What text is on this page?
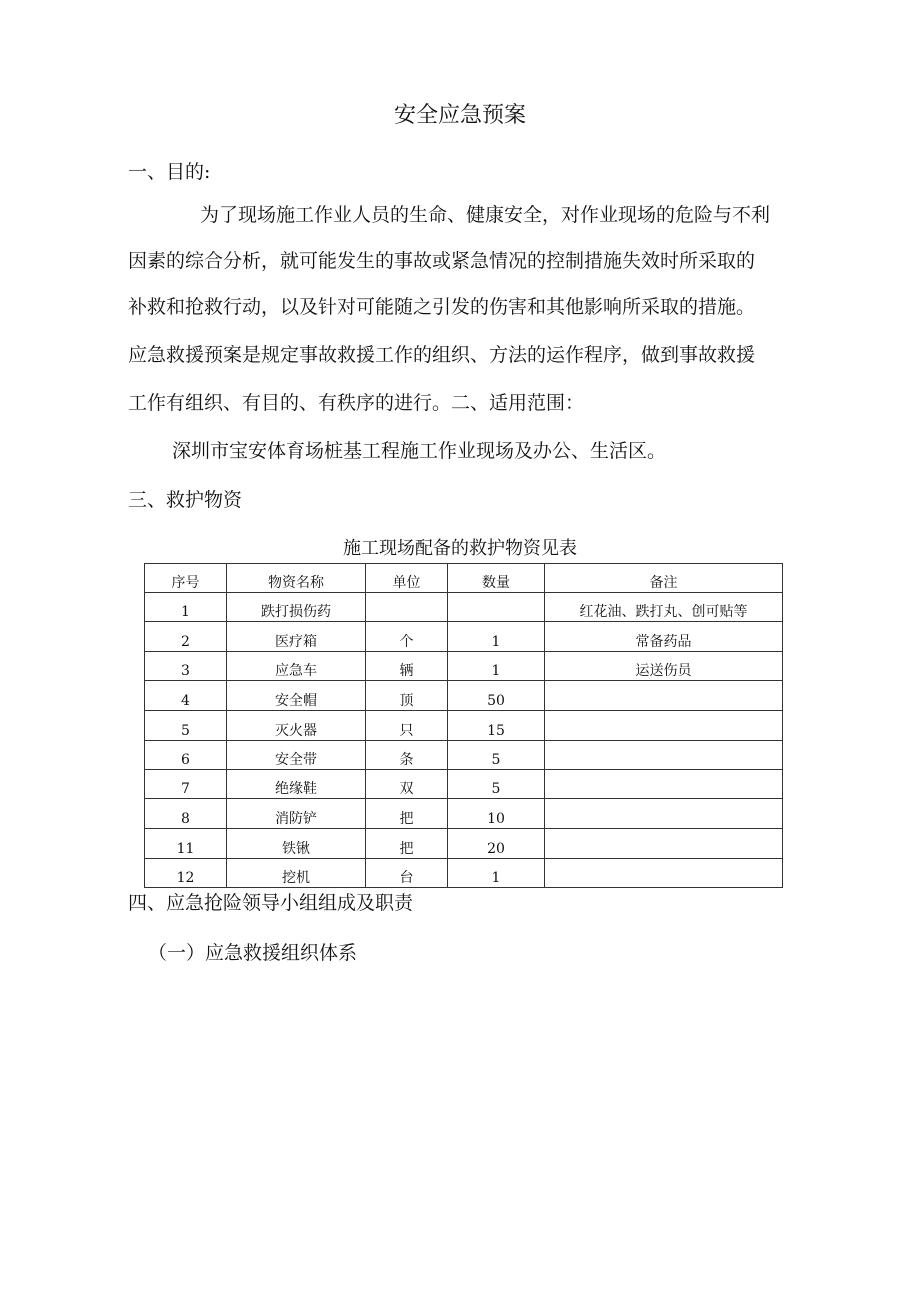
安全应急预案
一、目的:
为了现场施工作业人员的生命、健康安全，对作业现场的危险与不利
因素的综合分析，就可能发生的事故或紧急情况的控制措施失效时所采取的
补救和抢救行动，以及针对可能随之引发的伤害和其他影响所采取的措施。
应急救援预案是规定事故救援工作的组织、方法的运作程序，做到事故救援
工作有组织、有目的、有秩序的进行。二、适用范围：
深圳市宝安体育场桩基工程施工作业现场及办公、生活区。
三、救护物资
施工现场配备的救护物资见表
序号	物资名称	单位	数量	备注
1	跌打损伤药			红花油、跌打丸、创可贴等
2	医疗箱	个	1	常备药品
3	应急车	辆	1	运送伤员
4	安全帽	顶	50	
5	灭火器	只	15	
6	安全带	条	5	
7	绝缘鞋	双	5	
8	消防铲	把	10	
11	铁锹	把	20	
12	挖机	台	1	
四、应急抢险领导小组组成及职责
（一）应急救援组织体系
